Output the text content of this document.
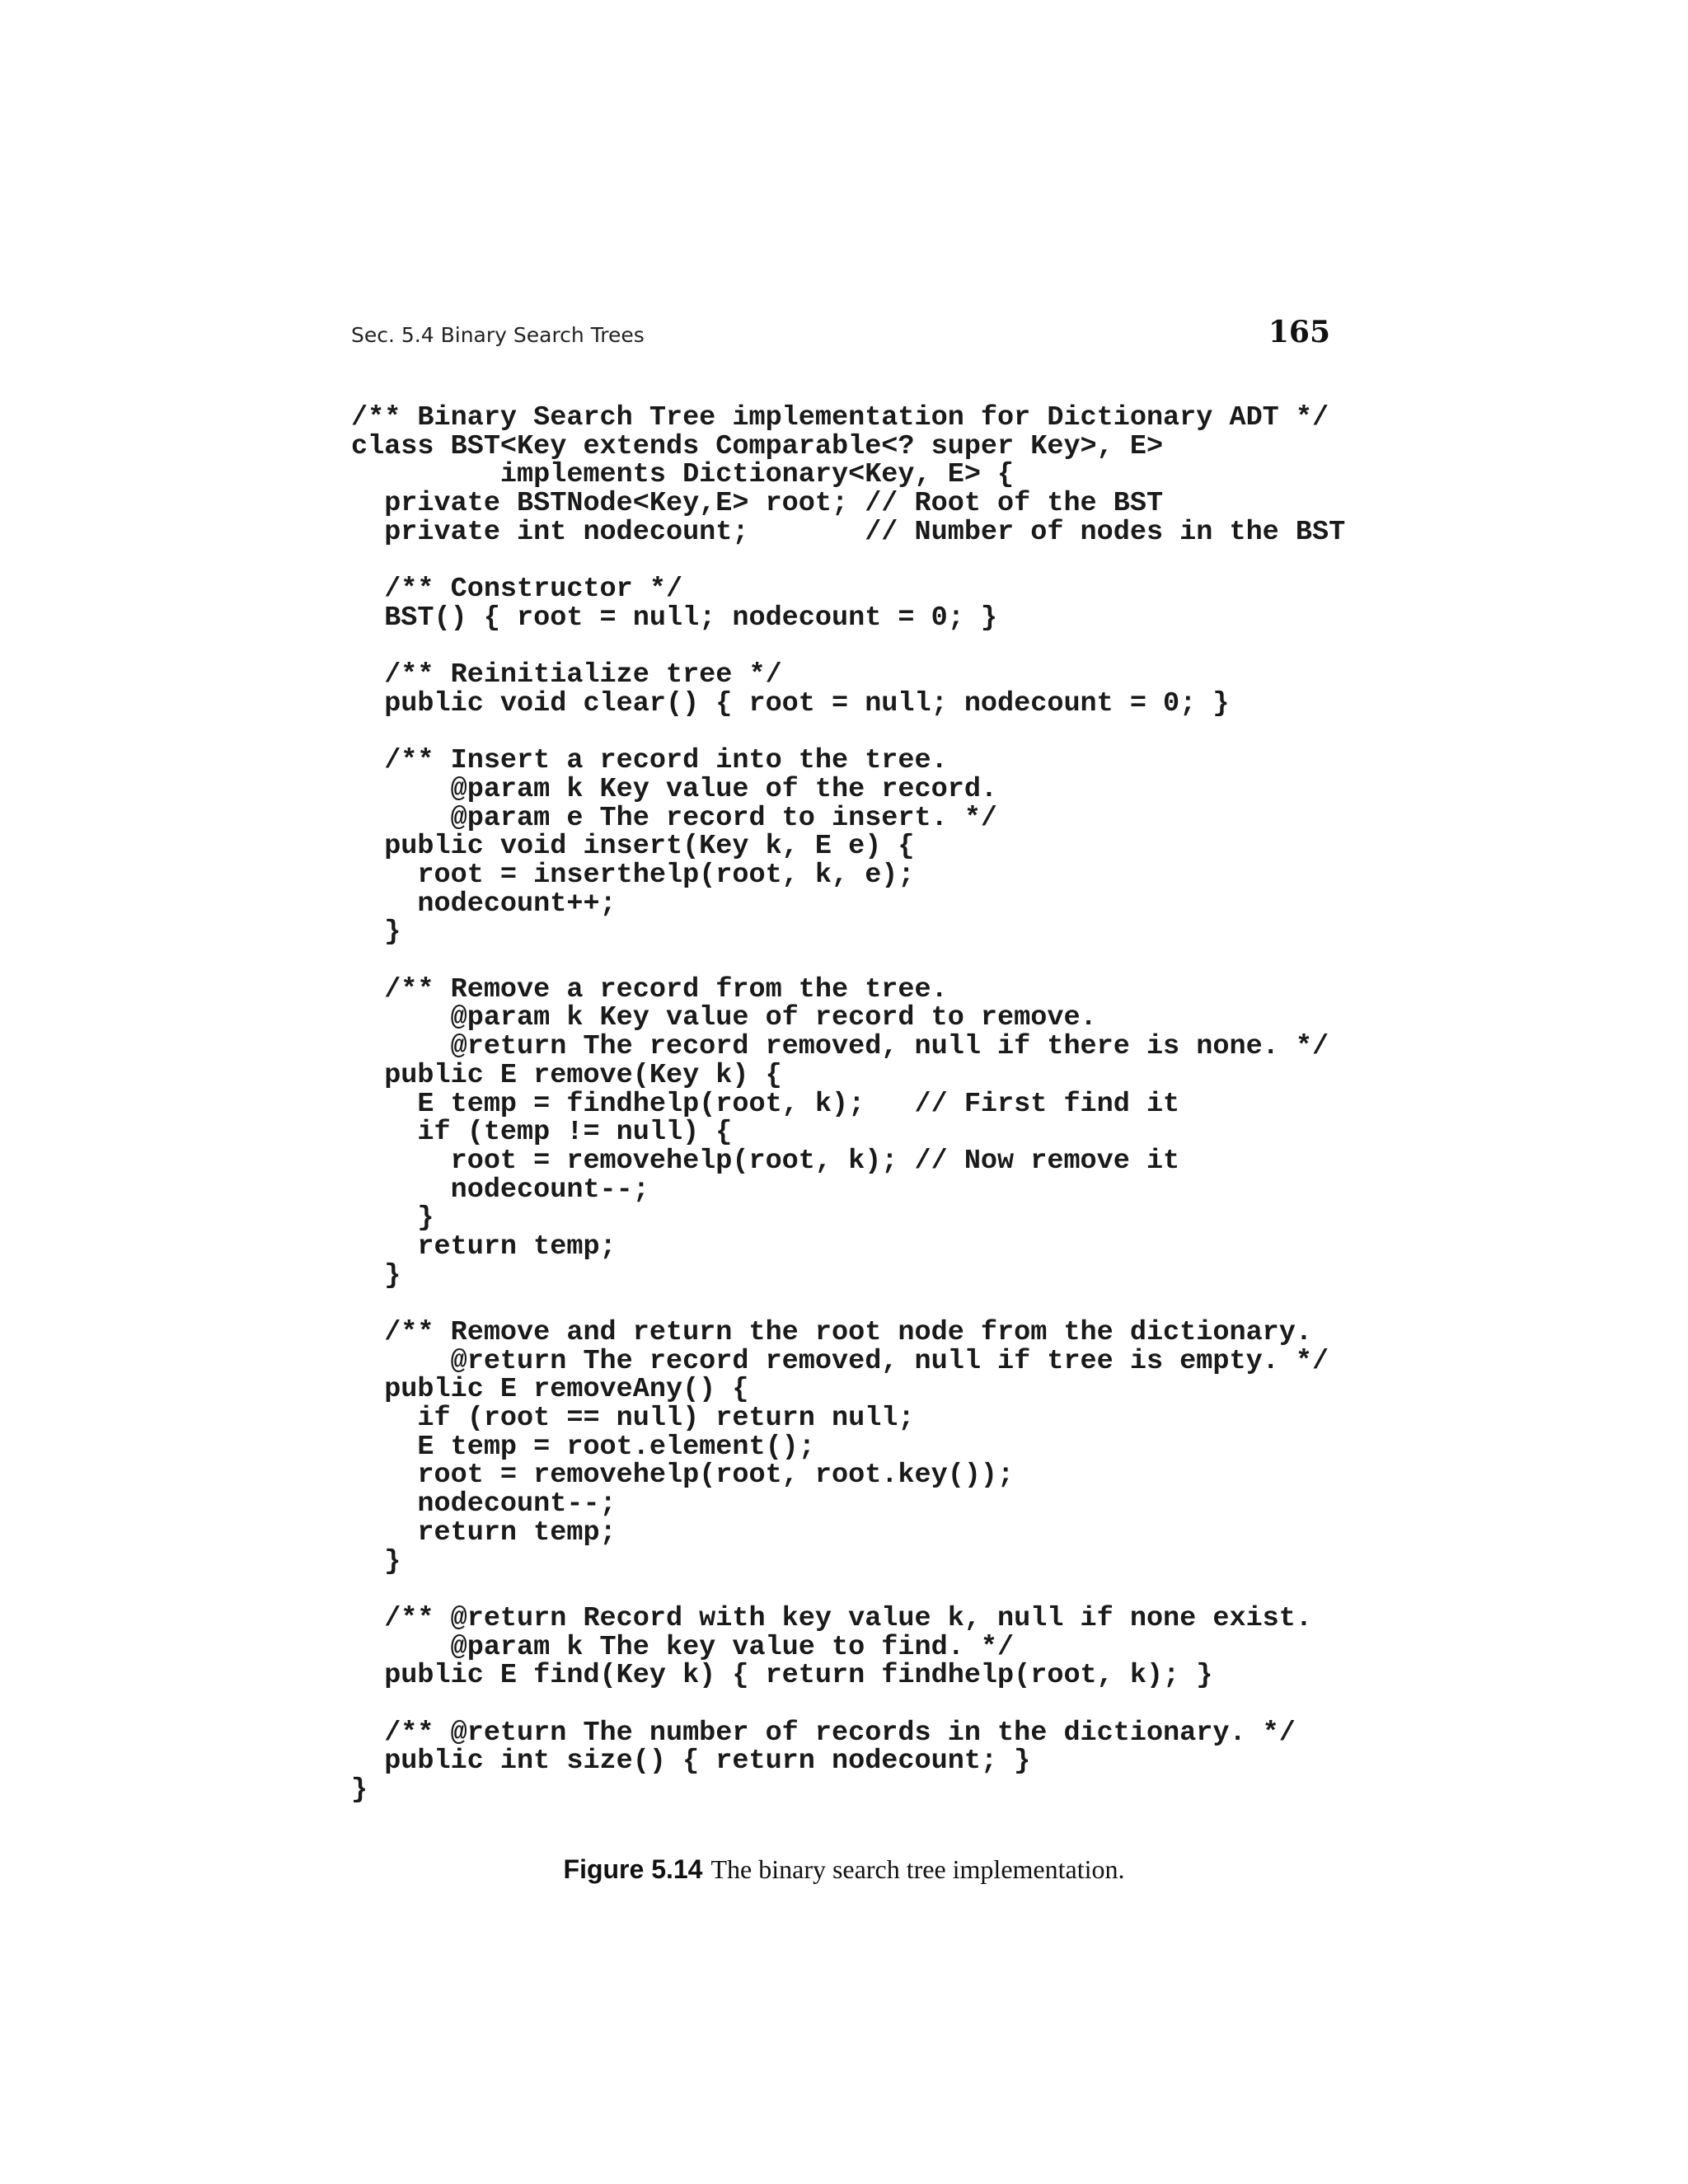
Sec. 5.4 Binary Search Trees	165
/** Binary Search Tree implementation for Dictionary ADT */
class BST<Key extends Comparable<? super Key>, E>
implements Dictionary<Key, E> {
private BSTNode<Key,E> root; // Root of the BST
private int nodecount;       // Number of nodes in the BST

/** Constructor */
BST() { root = null; nodecount = 0; }

/** Reinitialize tree */
public void clear() { root = null; nodecount = 0; }

/** Insert a record into the tree.
@param k Key value of the record.
@param e The record to insert. */
public void insert(Key k, E e) {
root = inserthelp(root, k, e);
nodecount++;
}

/** Remove a record from the tree.
@param k Key value of record to remove.
@return The record removed, null if there is none. */
public E remove(Key k) {
E temp = findhelp(root, k);   // First find it
if (temp != null) {
root = removehelp(root, k); // Now remove it
nodecount--;
}
return temp;
}

/** Remove and return the root node from the dictionary.
@return The record removed, null if tree is empty. */
public E removeAny() {
if (root == null) return null;
E temp = root.element();
root = removehelp(root, root.key());
nodecount--;
return temp;
}

/** @return Record with key value k, null if none exist.
@param k The key value to find. */
public E find(Key k) { return findhelp(root, k); }

/** @return The number of records in the dictionary. */
public int size() { return nodecount; }
}
Figure 5.14 The binary search tree implementation.
